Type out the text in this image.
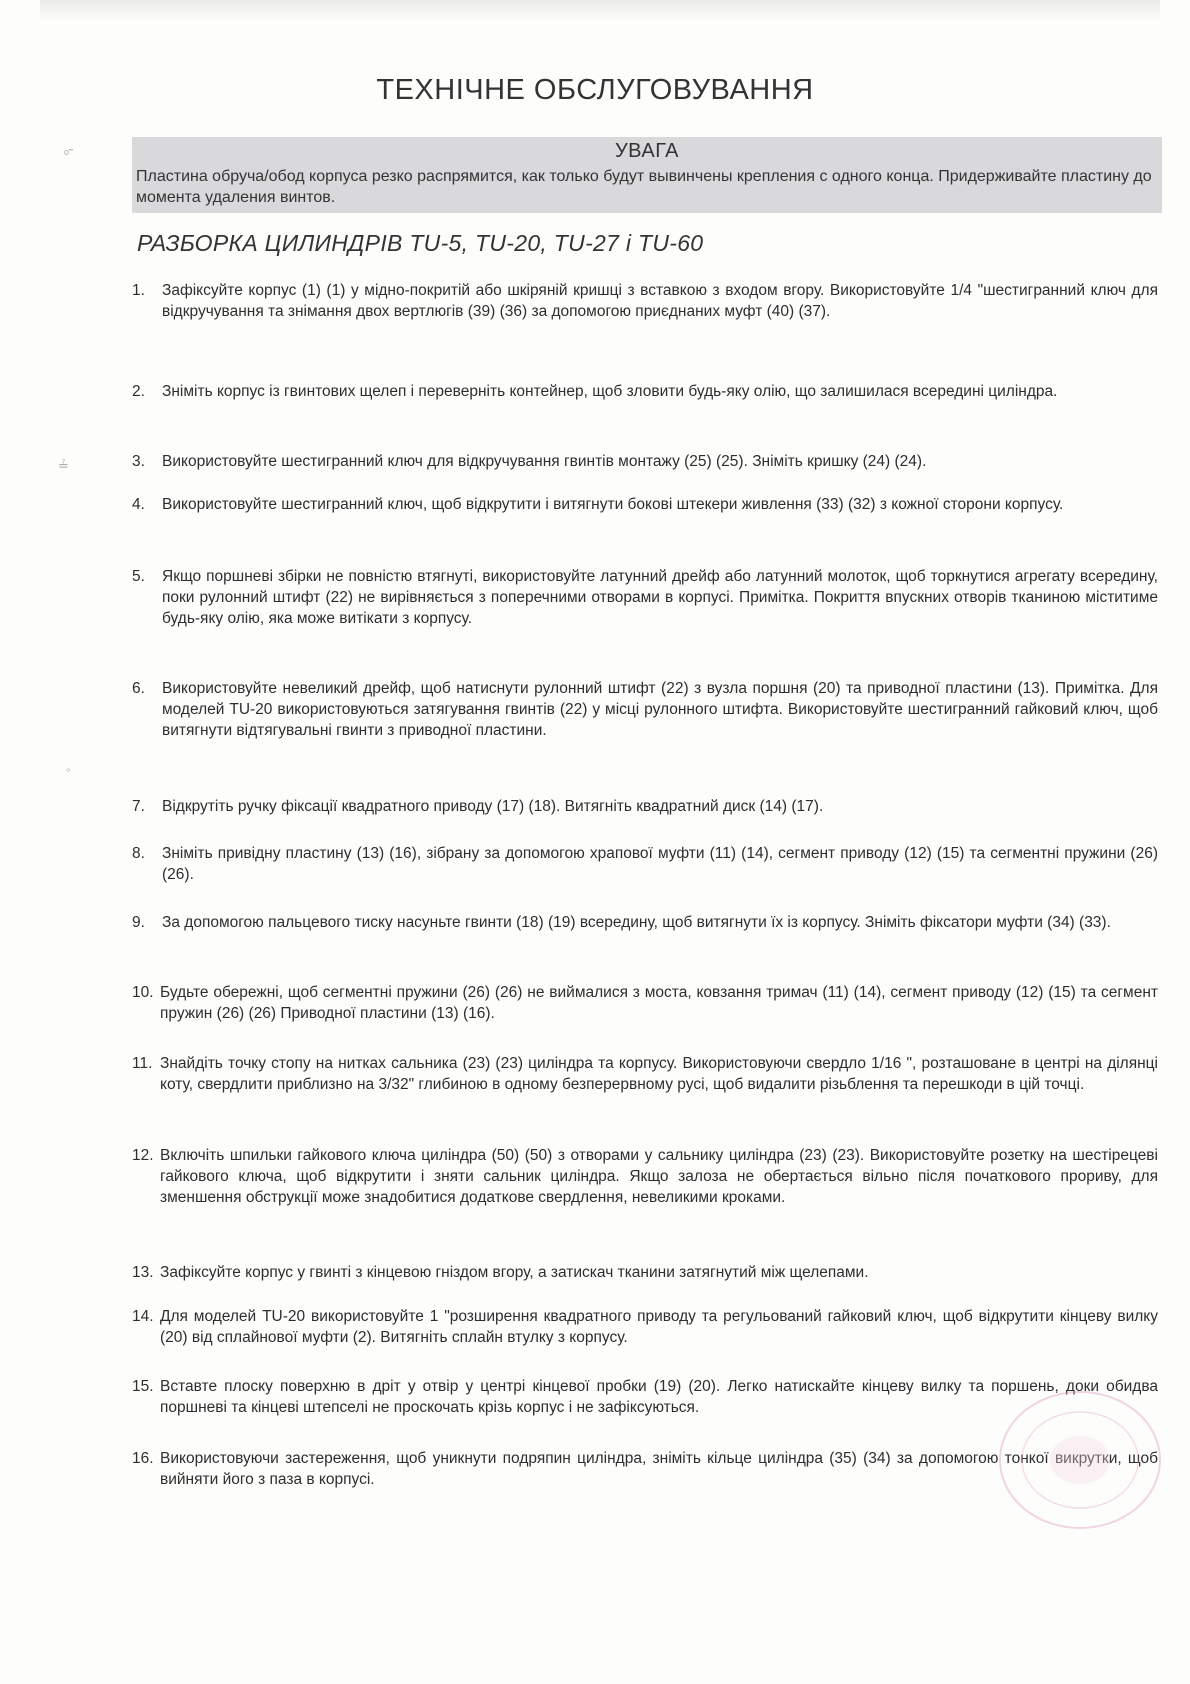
ТЕХНІЧНЕ ОБСЛУГОВУВАННЯ
УВАГА
Пластина обруча/обод корпуса резко распрямится, как только будут вывинчены крепления с одного конца. Придерживайте пластину до момента удаления винтов.
РАЗБОРКА ЦИЛИНДРІВ TU-5, TU-20, TU-27 і TU-60
1.	Зафіксуйте корпус (1) (1) у мідно-покритій або шкіряній кришці з вставкою з входом вгору. Використовуйте 1/4 "шестигранний ключ для відкручування та знімання двох вертлюгів (39) (36) за допомогою приєднаних муфт (40) (37).
2.	Зніміть корпус із гвинтових щелеп і переверніть контейнер, щоб зловити будь-яку олію, що залишилася всередині циліндра.
3.	Використовуйте шестигранний ключ для відкручування гвинтів монтажу (25) (25). Зніміть кришку (24) (24).
4.	Використовуйте шестигранний ключ, щоб відкрутити і витягнути бокові штекери живлення (33) (32) з кожної сторони корпусу.
5.	Якщо поршневі збірки не повністю втягнуті, використовуйте латунний дрейф або латунний молоток, щоб торкнутися агрегату всередину, поки рулонний штифт (22) не вирівняється з поперечними отворами в корпусі. Примітка. Покриття впускних отворів тканиною міститиме будь-яку олію, яка може витікати з корпусу.
6.	Використовуйте невеликий дрейф, щоб натиснути рулонний штифт (22) з вузла поршня (20) та приводної пластини (13). Примітка. Для моделей TU-20 використовуються затягування гвинтів (22) у місці рулонного штифта. Використовуйте шестигранний гайковий ключ, щоб витягнути відтягувальні гвинти з приводної пластини.
7.	Відкрутіть ручку фіксації квадратного приводу (17) (18). Витягніть квадратний диск (14) (17).
8.	Зніміть привідну пластину (13) (16), зібрану за допомогою храпової муфти (11) (14), сегмент приводу (12) (15) та сегментні пружини (26) (26).
9.	За допомогою пальцевого тиску насуньте гвинти (18) (19) всередину, щоб витягнути їх із корпусу. Зніміть фіксатори муфти (34) (33).
10. Будьте обережні, щоб сегментні пружини (26) (26) не виймалися з моста, ковзання тримач (11) (14), сегмент приводу (12) (15) та сегмент пружин (26) (26) Приводної пластини (13) (16).
11. Знайдіть точку стопу на нитках сальника (23) (23) циліндра та корпусу. Використовуючи свердло 1/16 ", розташоване в центрі на ділянці коту, свердлити приблизно на 3/32" глибиною в одному безперервному русі, щоб видалити різьблення та перешкоди в цій точці.
12. Включіть шпильки гайкового ключа циліндра (50) (50) з отворами у сальнику циліндра (23) (23). Використовуйте розетку на шестірецеві гайкового ключа, щоб відкрутити і зняти сальник циліндра. Якщо залоза не обертається вільно після початкового прориву, для зменшення обструкції може знадобитися додаткове свердлення, невеликими кроками.
13. Зафіксуйте корпус у гвинті з кінцевою гніздом вгору, а затискач тканини затягнутий між щелепами.
14. Для моделей TU-20 використовуйте 1 "розширення квадратного приводу та регульований гайковий ключ, щоб відкрутити кінцеву вилку (20) від сплайнової муфти (2). Витягніть сплайн втулку з корпусу.
15. Вставте плоску поверхню в дріт у отвір у центрі кінцевої пробки (19) (20). Легко натискайте кінцеву вилку та поршень, доки обидва поршневі та кінцеві штепселі не проскочать крізь корпус і не зафіксуються.
16. Використовуючи застереження, щоб уникнути подряпин циліндра, зніміть кільце циліндра (35) (34) за допомогою тонкої викрутки, щоб вийняти його з паза в корпусі.
ᵒ̃
≟
◦
